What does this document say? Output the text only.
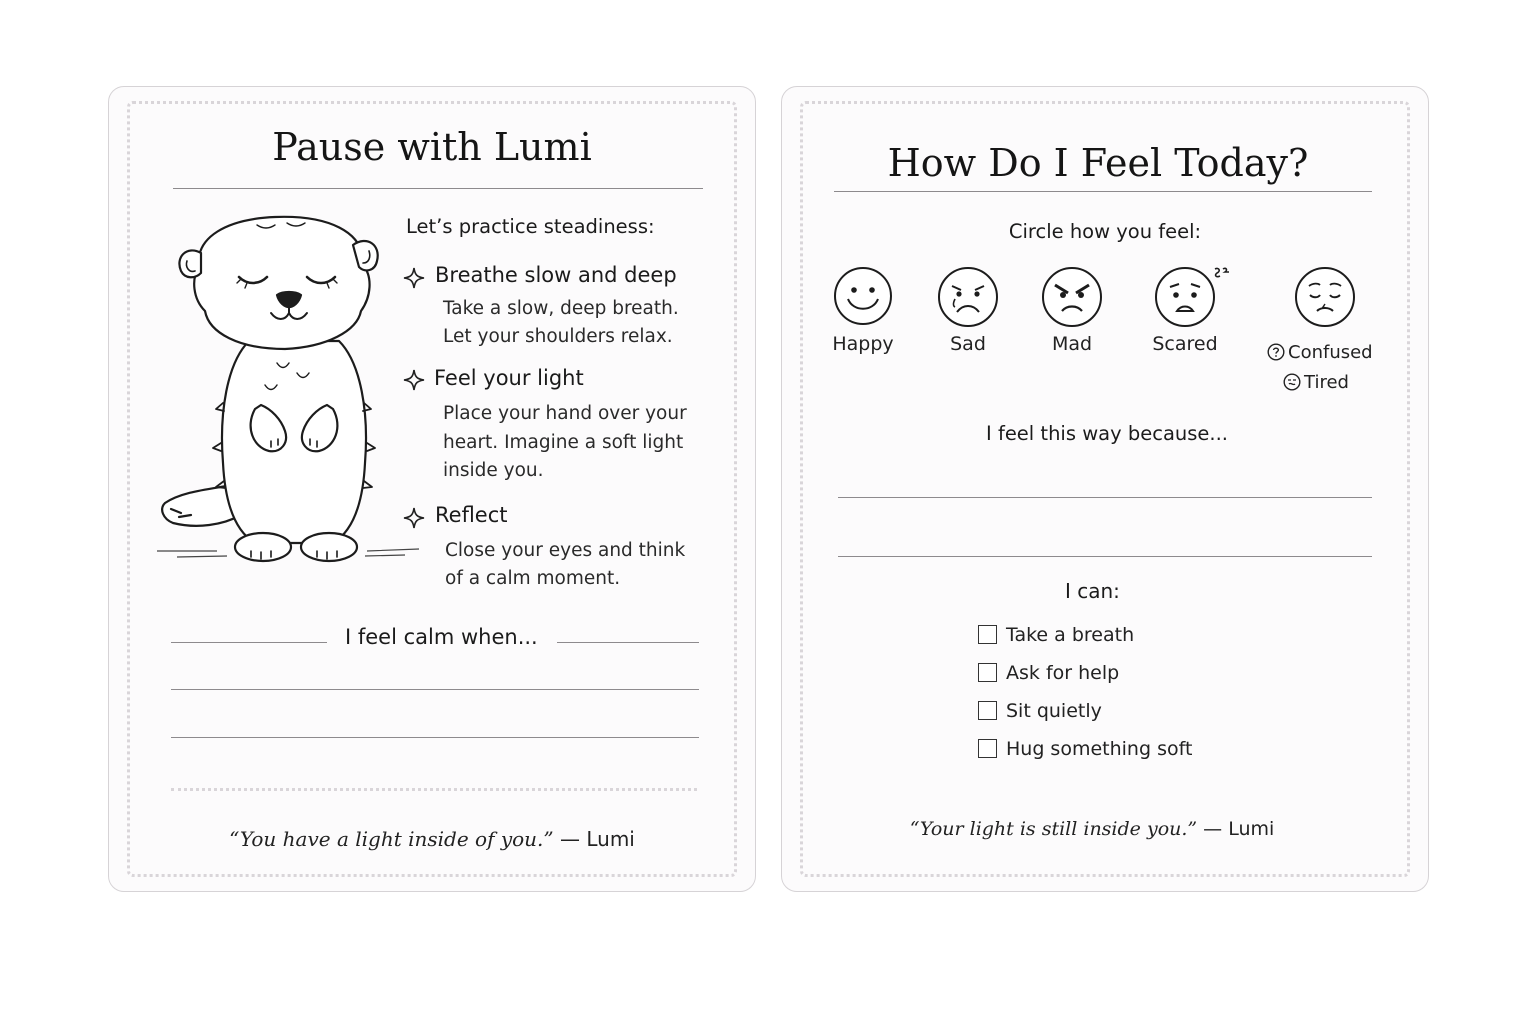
Pause with Lumi

Let’s practice steadiness:

Breathe slow and deep

Take a slow, deep breath.

Let your shoulders relax.

Feel your light

Place your hand over your

heart. Imagine a soft light

inside you.

Reflect

Close your eyes and think

of a calm moment.

I feel calm when...

“You have a light inside of you.” — Lumi

How Do I Feel Today?

Circle how you feel:

Happy	Sad	Mad	Scared	Confused
Tired

I feel this way because...

I can:

Take a breath
Ask for help
Sit quietly
Hug something soft

“Your light is still inside you.” — Lumi
